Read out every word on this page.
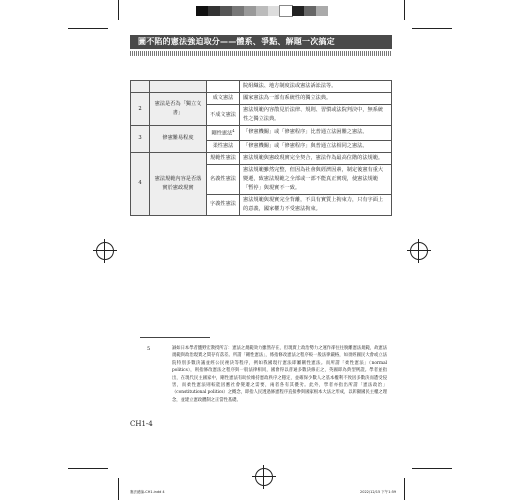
圖不陷的憲法強迫取分——體系、爭點、解題一次搞定
			院組織法、地方制度法或憲法訴訟法等。
2	憲法是否為「獨立文書」	成文憲法	國家憲法為一部有系統性的獨立法典。
		不成文憲法	憲法規範內容散見於法律、規則、習慣或法院判決中，無系統性之獨立法典。
3	修憲難易程度	剛性憲法$^4$	「修憲機關」或「修憲程序」比普通立法困難之憲法。
		柔性憲法	「修憲機關」或「修憲程序」與普通立法相同之憲法。
4	憲法規範內容是否落實於憲政現實	規範性憲法	憲法規範與憲政現實完全契合，憲法作為最高位階的法規範。
		名義性憲法	憲法規範雖然完整，但因為社會與經濟因素，制定後憲有重大變遷，致憲法規範之全部或一部不能真正實現，使憲法規範「暫停」與現實不一致。
		字義性憲法	憲法規範與現實完全背離，不具有實質上拘束力，只有字面上的意義，國家權力不受憲法拘束。
5	誠如日本學者鹽野宏教授所言：憲法之規範效力雖然存在，但現實上政治勢力之運作卻往往脫離憲法規範，故憲法規範與政治現實之間存有落差。所謂「剛性憲法」，係指修改憲法之程序較一般法律嚴格，如須經國民大會或立法院特別多數決議並經公民複決等程序，例如我國現行憲法即屬剛性憲法。而所謂「柔性憲法」（normal politics），則指修改憲法之程序與一般法律相同，國會得以普通多數決修正之，英國即為典型例證。學者並指出，在現代民主國家中，剛性憲法有助於維持憲政秩序之穩定，並確保少數人之基本權利不致因多數決而遭受侵害，而柔性憲法則較能因應社會變遷之需要，兩者各有其優劣。此外，學者亦指出所謂「憲法政治」（constitutional politics）之概念，即指人民透過修憲程序直接參與國家根本大法之形成，以彰顯國民主權之理念，並建立憲政體制之正當性基礎。
CH1-4
憲法總論-CH1.indd 4	2022/12/15 下午1:59
